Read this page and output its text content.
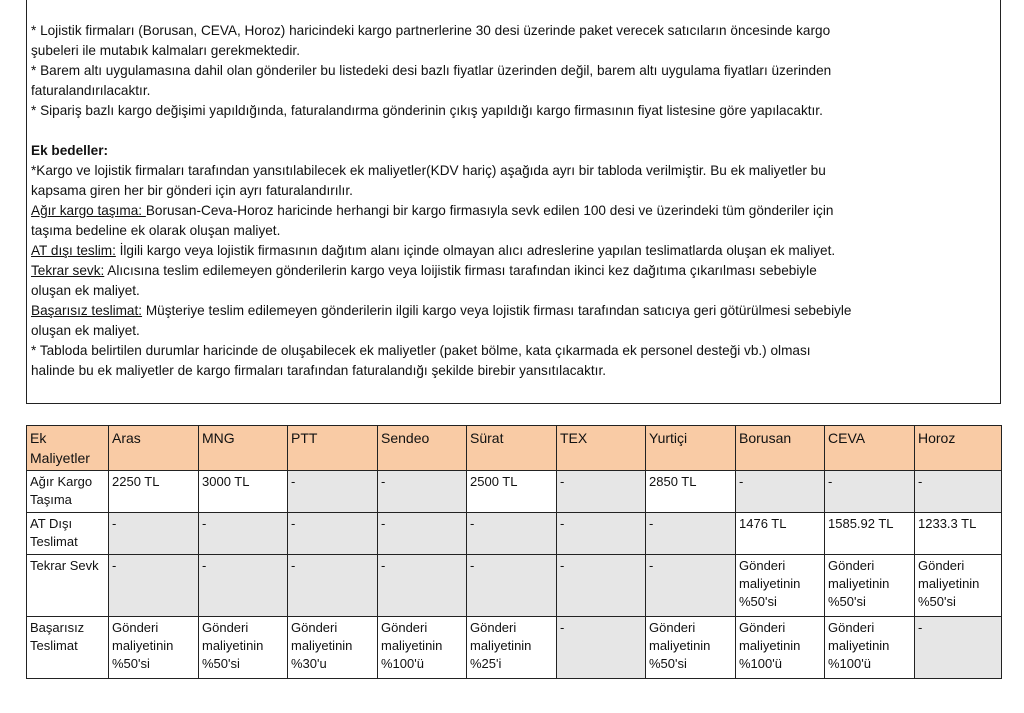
* Lojistik firmaları (Borusan, CEVA, Horoz) haricindeki kargo partnerlerine 30 desi üzerinde paket verecek satıcıların öncesinde kargo

şubeleri ile mutabık kalmaları gerekmektedir.

* Barem altı uygulamasına dahil olan gönderiler bu listedeki desi bazlı fiyatlar üzerinden değil, barem altı uygulama fiyatları üzerinden

faturalandırılacaktır.

* Sipariş bazlı kargo değişimi yapıldığında, faturalandırma gönderinin çıkış yapıldığı kargo firmasının fiyat listesine göre yapılacaktır.

Ek bedeller:

*Kargo ve lojistik firmaları tarafından yansıtılabilecek ek maliyetler(KDV hariç) aşağıda ayrı bir tabloda verilmiştir. Bu ek maliyetler bu

kapsama giren her bir gönderi için ayrı faturalandırılır.

Ağır kargo taşıma: Borusan-Ceva-Horoz haricinde herhangi bir kargo firmasıyla sevk edilen 100 desi ve üzerindeki tüm gönderiler için

taşıma bedeline ek olarak oluşan maliyet.

AT dışı teslim: İlgili kargo veya lojistik firmasının dağıtım alanı içinde olmayan alıcı adreslerine yapılan teslimatlarda oluşan ek maliyet.

Tekrar sevk: Alıcısına teslim edilemeyen gönderilerin kargo veya loijistik firması tarafından ikinci kez dağıtıma çıkarılması sebebiyle

oluşan ek maliyet.

Başarısız teslimat: Müşteriye teslim edilemeyen gönderilerin ilgili kargo veya lojistik firması tarafından satıcıya geri götürülmesi sebebiyle

oluşan ek maliyet.

* Tabloda belirtilen durumlar haricinde de oluşabilecek ek maliyetler (paket bölme, kata çıkarmada ek personel desteği vb.) olması

halinde bu ek maliyetler de kargo firmaları tarafından faturalandığı şekilde birebir yansıtılacaktır.

Ek Maliyetler	Aras	MNG	PTT	Sendeo	Sürat	TEX	Yurtiçi	Borusan	CEVA	Horoz
Ağır Kargo Taşıma	2250 TL	3000 TL	-	-	2500 TL	-	2850 TL	-	-	-
AT Dışı Teslimat	-	-	-	-	-	-	-	1476 TL	1585.92 TL	1233.3 TL
Tekrar Sevk	-	-	-	-	-	-	-	Gönderi maliyetinin %50'si	Gönderi maliyetinin %50'si	Gönderi maliyetinin %50'si
Başarısız Teslimat	Gönderi maliyetinin %50'si	Gönderi maliyetinin %50'si	Gönderi maliyetinin %30'u	Gönderi maliyetinin %100'ü	Gönderi maliyetinin %25'i	-	Gönderi maliyetinin %50'si	Gönderi maliyetinin %100'ü	Gönderi maliyetinin %100'ü	-
